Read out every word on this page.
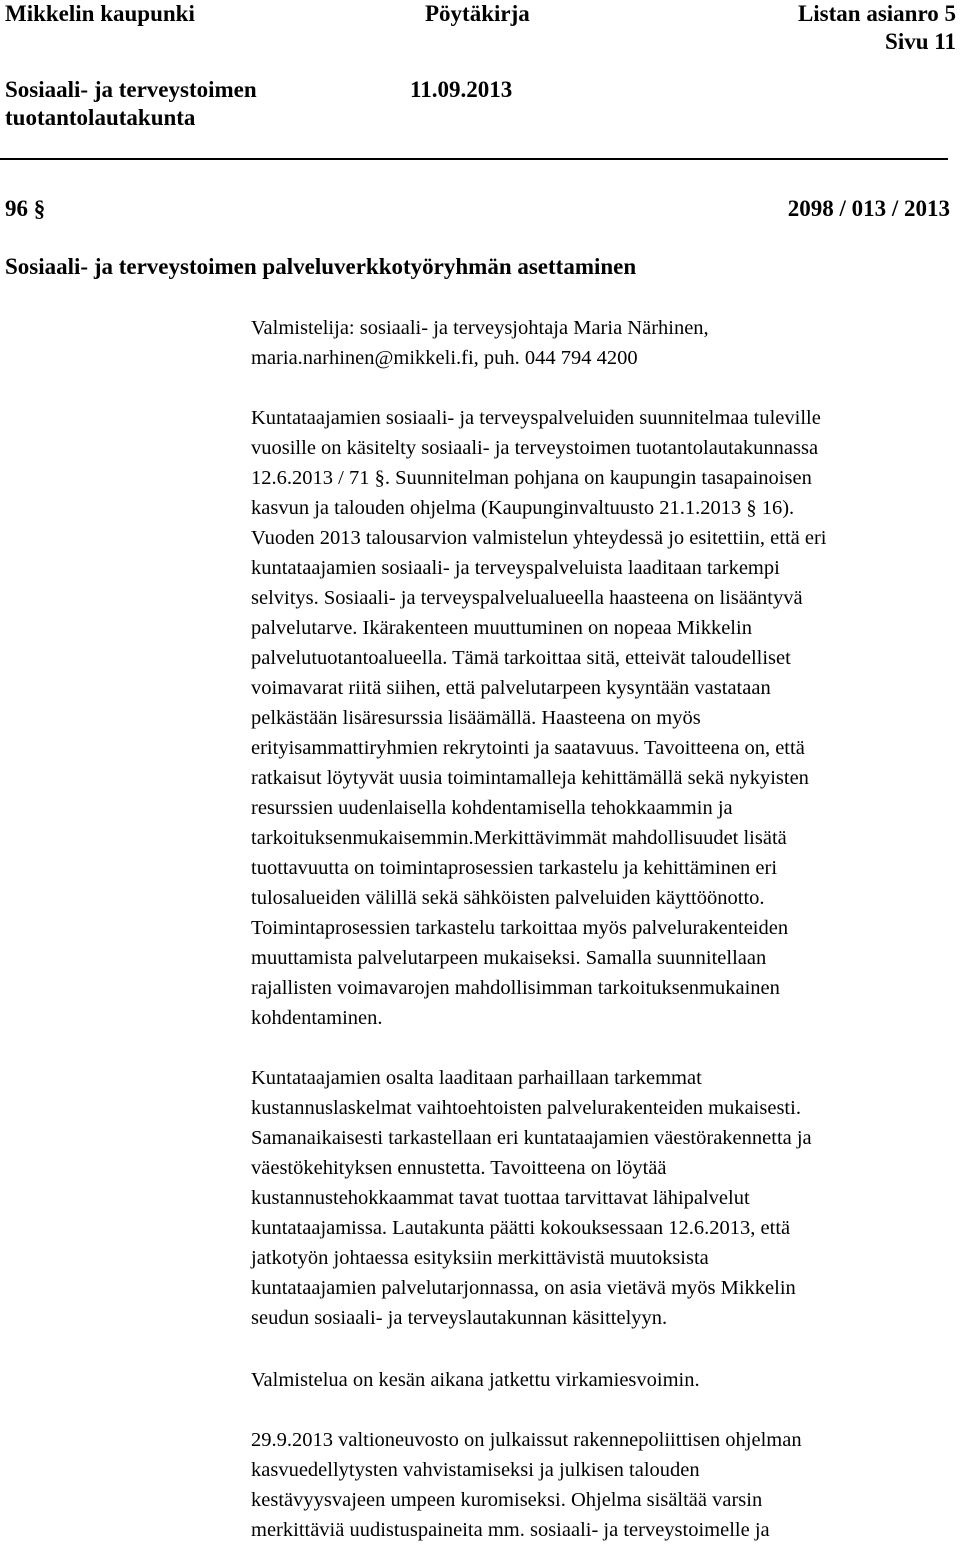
Mikkelin kaupunki	Pöytäkirja	Listan asianro 5
Sivu 11
Sosiaali- ja terveystoimen
tuotantolautakunta
11.09.2013
96 §	2098 / 013 / 2013
Sosiaali- ja terveystoimen palveluverkkotyöryhmän asettaminen

Valmistelija: sosiaali- ja terveysjohtaja Maria Närhinen,
maria.narhinen@mikkeli.fi, puh. 044 794 4200

Kuntataajamien sosiaali- ja terveyspalveluiden suunnitelmaa tuleville
vuosille on käsitelty sosiaali- ja terveystoimen tuotantolautakunnassa
12.6.2013 / 71 §. Suunnitelman pohjana on kaupungin tasapainoisen
kasvun ja talouden ohjelma (Kaupunginvaltuusto 21.1.2013 § 16).
Vuoden 2013 talousarvion valmistelun yhteydessä jo esitettiin, että eri
kuntataajamien sosiaali- ja terveyspalveluista laaditaan tarkempi
selvitys. Sosiaali- ja terveyspalvelualueella haasteena on lisääntyvä
palvelutarve. Ikärakenteen muuttuminen on nopeaa Mikkelin
palvelutuotantoalueella. Tämä tarkoittaa sitä, etteivät taloudelliset
voimavarat riitä siihen, että palvelutarpeen kysyntään vastataan
pelkästään lisäresurssia lisäämällä. Haasteena on myös
erityisammattiryhmien rekrytointi ja saatavuus. Tavoitteena on, että
ratkaisut löytyvät uusia toimintamalleja kehittämällä sekä nykyisten
resurssien uudenlaisella kohdentamisella tehokkaammin ja
tarkoituksenmukaisemmin.Merkittävimmät mahdollisuudet lisätä
tuottavuutta on toimintaprosessien tarkastelu ja kehittäminen eri
tulosalueiden välillä sekä sähköisten palveluiden käyttöönotto.
Toimintaprosessien tarkastelu tarkoittaa myös palvelurakenteiden
muuttamista palvelutarpeen mukaiseksi. Samalla suunnitellaan
rajallisten voimavarojen mahdollisimman tarkoituksenmukainen
kohdentaminen.

Kuntataajamien osalta laaditaan parhaillaan tarkemmat
kustannuslaskelmat vaihtoehtoisten palvelurakenteiden mukaisesti.
Samanaikaisesti tarkastellaan eri kuntataajamien väestörakennetta ja
väestökehityksen ennustetta. Tavoitteena on löytää
kustannustehokkaammat tavat tuottaa tarvittavat lähipalvelut
kuntataajamissa. Lautakunta päätti kokouksessaan 12.6.2013, että
jatkotyön johtaessa esityksiin merkittävistä muutoksista
kuntataajamien palvelutarjonnassa, on asia vietävä myös Mikkelin
seudun sosiaali- ja terveyslautakunnan käsittelyyn.

Valmistelua on kesän aikana jatkettu virkamiesvoimin.

29.9.2013 valtioneuvosto on julkaissut rakennepoliittisen ohjelman
kasvuedellytysten vahvistamiseksi ja julkisen talouden
kestävyysvajeen umpeen kuromiseksi. Ohjelma sisältää varsin
merkittäviä uudistuspaineita mm. sosiaali- ja terveystoimelle ja
